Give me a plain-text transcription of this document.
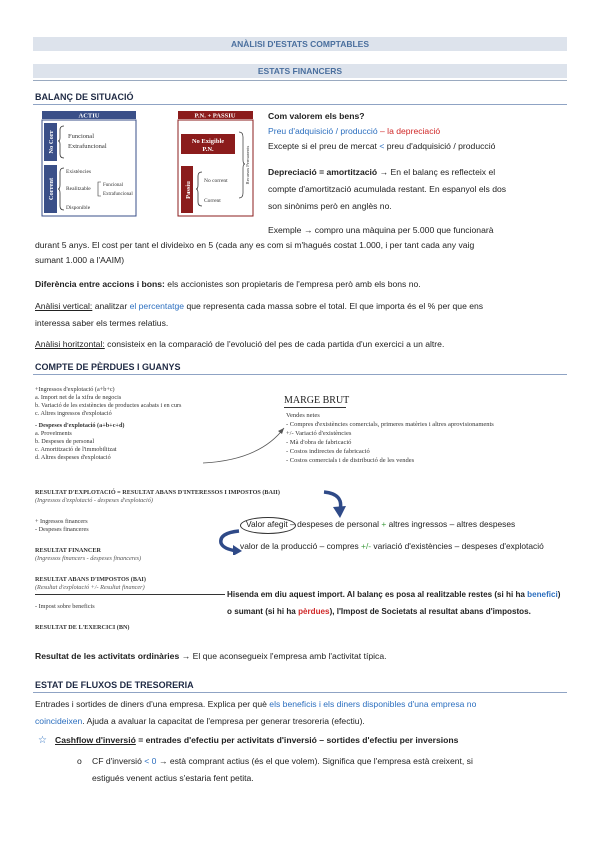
ANÀLISI D'ESTATS COMPTABLES
ESTATS FINANCERS
BALANÇ DE SITUACIÓ
ACTIU	P.N. + PASSIU
No Corr Funcional
Extrafuncional
Corrent
Existències
Realitzable
Funcional
Extrafuncional
Disponible
No Exigible
P.N.
Passiu
No corrent
Corrent
Recursos Permanents
Com valorem els bens?
Preu d'adquisició / producció – la depreciació
Excepte si el preu de mercat < preu d'adquisició / producció
Depreciació = amortització → En el balanç es reflecteix el
compte d'amortització acumulada restant. En espanyol els dos
son sinònims però en anglès no.
Exemple → compro una màquina per 5.000 que funcionarà
durant 5 anys. El cost per tant el divideixo en 5 (cada any es com si m'hagués costat 1.000, i per tant cada any vaig
sumant 1.000 a l'AAIM)
Diferència entre accions i bons: els accionistes son propietaris de l'empresa però amb els bons no.
Anàlisi vertical: analitzar el percentatge que representa cada massa sobre el total. El que importa és el % per que ens
interessa saber els termes relatius.
Anàlisi horitzontal: consisteix en la comparació de l'evolució del pes de cada partida d'un exercici a un altre.
COMPTE DE PÈRDUES I GUANYS
+Ingressos d'explotació (a+b+c)
a. Import net de la xifra de negocis
b. Variació de les existències de productes acabats i en curs
c. Altres ingressos d'explotació
- Despeses d'explotació (a+b+c+d)
a. Proveïments
b. Despeses de personal
c. Amortització de l'immobilitzat
d. Altres despeses d'explotació
RESULTAT D'EXPLOTACIÓ = RESULTAT ABANS D'INTERESSOS I IMPOSTOS (BAII)
(Ingressos d'explotació - despeses d'explotació)
+ Ingressos financers
- Despeses financeres
RESULTAT FINANCER
(Ingressos financers - despeses financeres)
RESULTAT ABANS D'IMPOSTOS (BAI)
(Resultat d'explotació +/- Resultat financer)
- Impost sobre beneficis
RESULTAT DE L'EXERCICI (BN)
MARGE BRUT
Vendes netes
- Compres d'existències comercials, primeres matèries i altres aprovisionaments
+/- Variació d'existències
- Mà d'obra de fabricació
- Costos indirectes de fabricació
- Costos comercials i de distribució de les vendes
Valor afegit – despeses de personal + altres ingressos – altres despeses
valor de la producció – compres +/- variació d'existències – despeses d'explotació
Hisenda em diu aquest import. Al balanç es posa al realitzable restes (si hi ha benefici)
o sumant (si hi ha pèrdues), l'Impost de Societats al resultat abans d'impostos.
Resultat de les activitats ordinàries → El que aconsegueix l'empresa amb l'activitat típica.
ESTAT DE FLUXOS DE TRESORERIA
Entrades i sortides de diners d'una empresa. Explica per què els beneficis i els diners disponibles d'una empresa no
coincideixen. Ajuda a avaluar la capacitat de l'empresa per generar tresoreria (efectiu).
☆ Cashflow d'inversió = entrades d'efectiu per activitats d'inversió – sortides d'efectiu per inversions
o CF d'inversió < 0 → està comprant actius (és el que volem). Significa que l'empresa està creixent, si
estigués venent actius s'estaria fent petita.
